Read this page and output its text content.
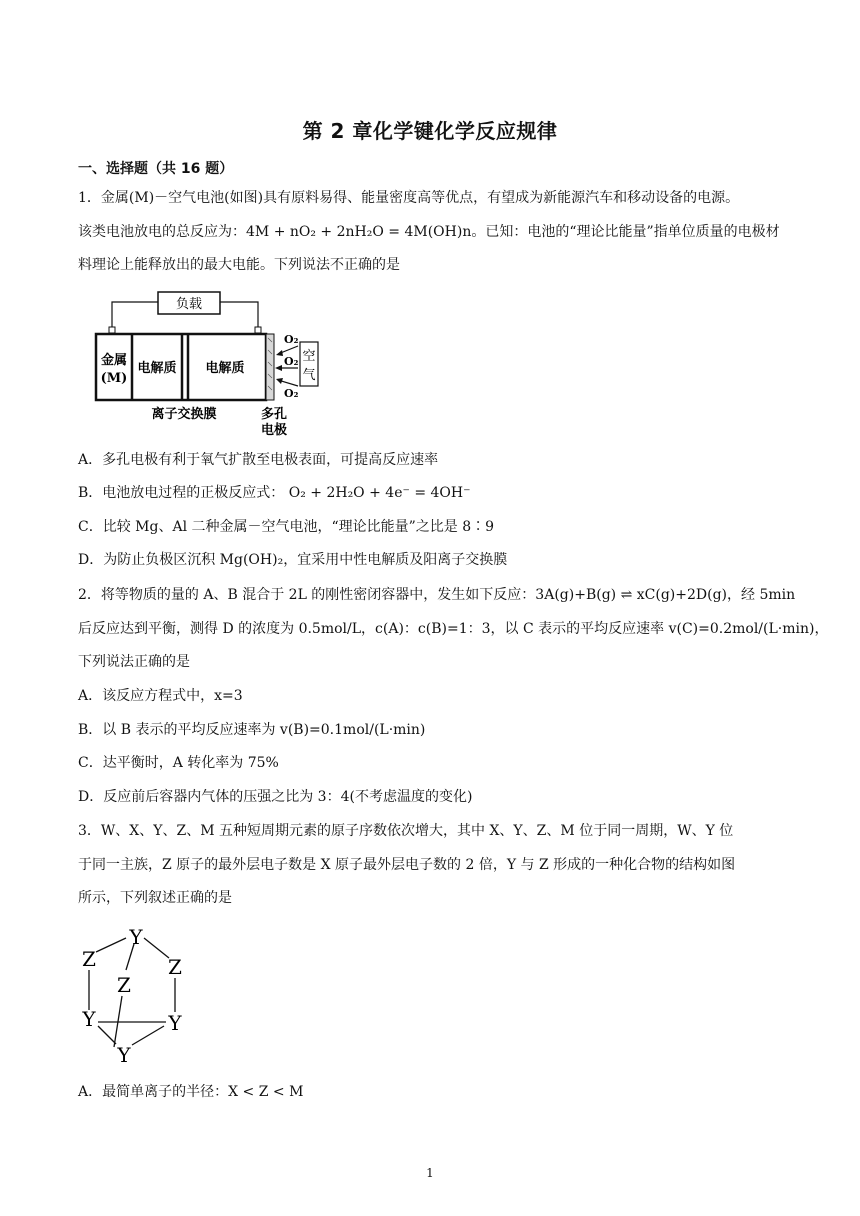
第 2 章化学键化学反应规律
一、选择题（共 16 题）
1．金属(M)－空气电池(如图)具有原料易得、能量密度高等优点，有望成为新能源汽车和移动设备的电源。
该类电池放电的总反应为：4M + nO₂ + 2nH₂O = 4M(OH)n。已知：电池的“理论比能量”指单位质量的电极材
料理论上能释放出的最大电能。下列说法不正确的是
负载
金属
(M)
电解质 电解质
O₂
O₂
O₂
空
气
离子交换膜	多孔
电极
A．多孔电极有利于氧气扩散至电极表面，可提高反应速率
B．电池放电过程的正极反应式： O₂ + 2H₂O + 4e⁻ = 4OH⁻
C．比较 Mg、Al 二种金属－空气电池，“理论比能量”之比是 8∶9
D．为防止负极区沉积 Mg(OH)₂，宜采用中性电解质及阳离子交换膜
2．将等物质的量的 A、B 混合于 2L 的刚性密闭容器中，发生如下反应：3A(g)+B(g) ⇌ xC(g)+2D(g)，经 5min
后反应达到平衡，测得 D 的浓度为 0.5mol/L，c(A)：c(B)=1：3，以 C 表示的平均反应速率 v(C)=0.2mol/(L·min)，
下列说法正确的是
A．该反应方程式中，x=3
B．以 B 表示的平均反应速率为 v(B)=0.1mol/(L·min)
C．达平衡时，A 转化率为 75%
D．反应前后容器内气体的压强之比为 3：4(不考虑温度的变化)
3．W、X、Y、Z、M 五种短周期元素的原子序数依次增大，其中 X、Y、Z、M 位于同一周期，W、Y 位
于同一主族，Z 原子的最外层电子数是 X 原子最外层电子数的 2 倍，Y 与 Z 形成的一种化合物的结构如图
所示，下列叙述正确的是
Y
Z	Z
Z
Y	Y
Y
A．最简单离子的半径：X < Z < M
1
